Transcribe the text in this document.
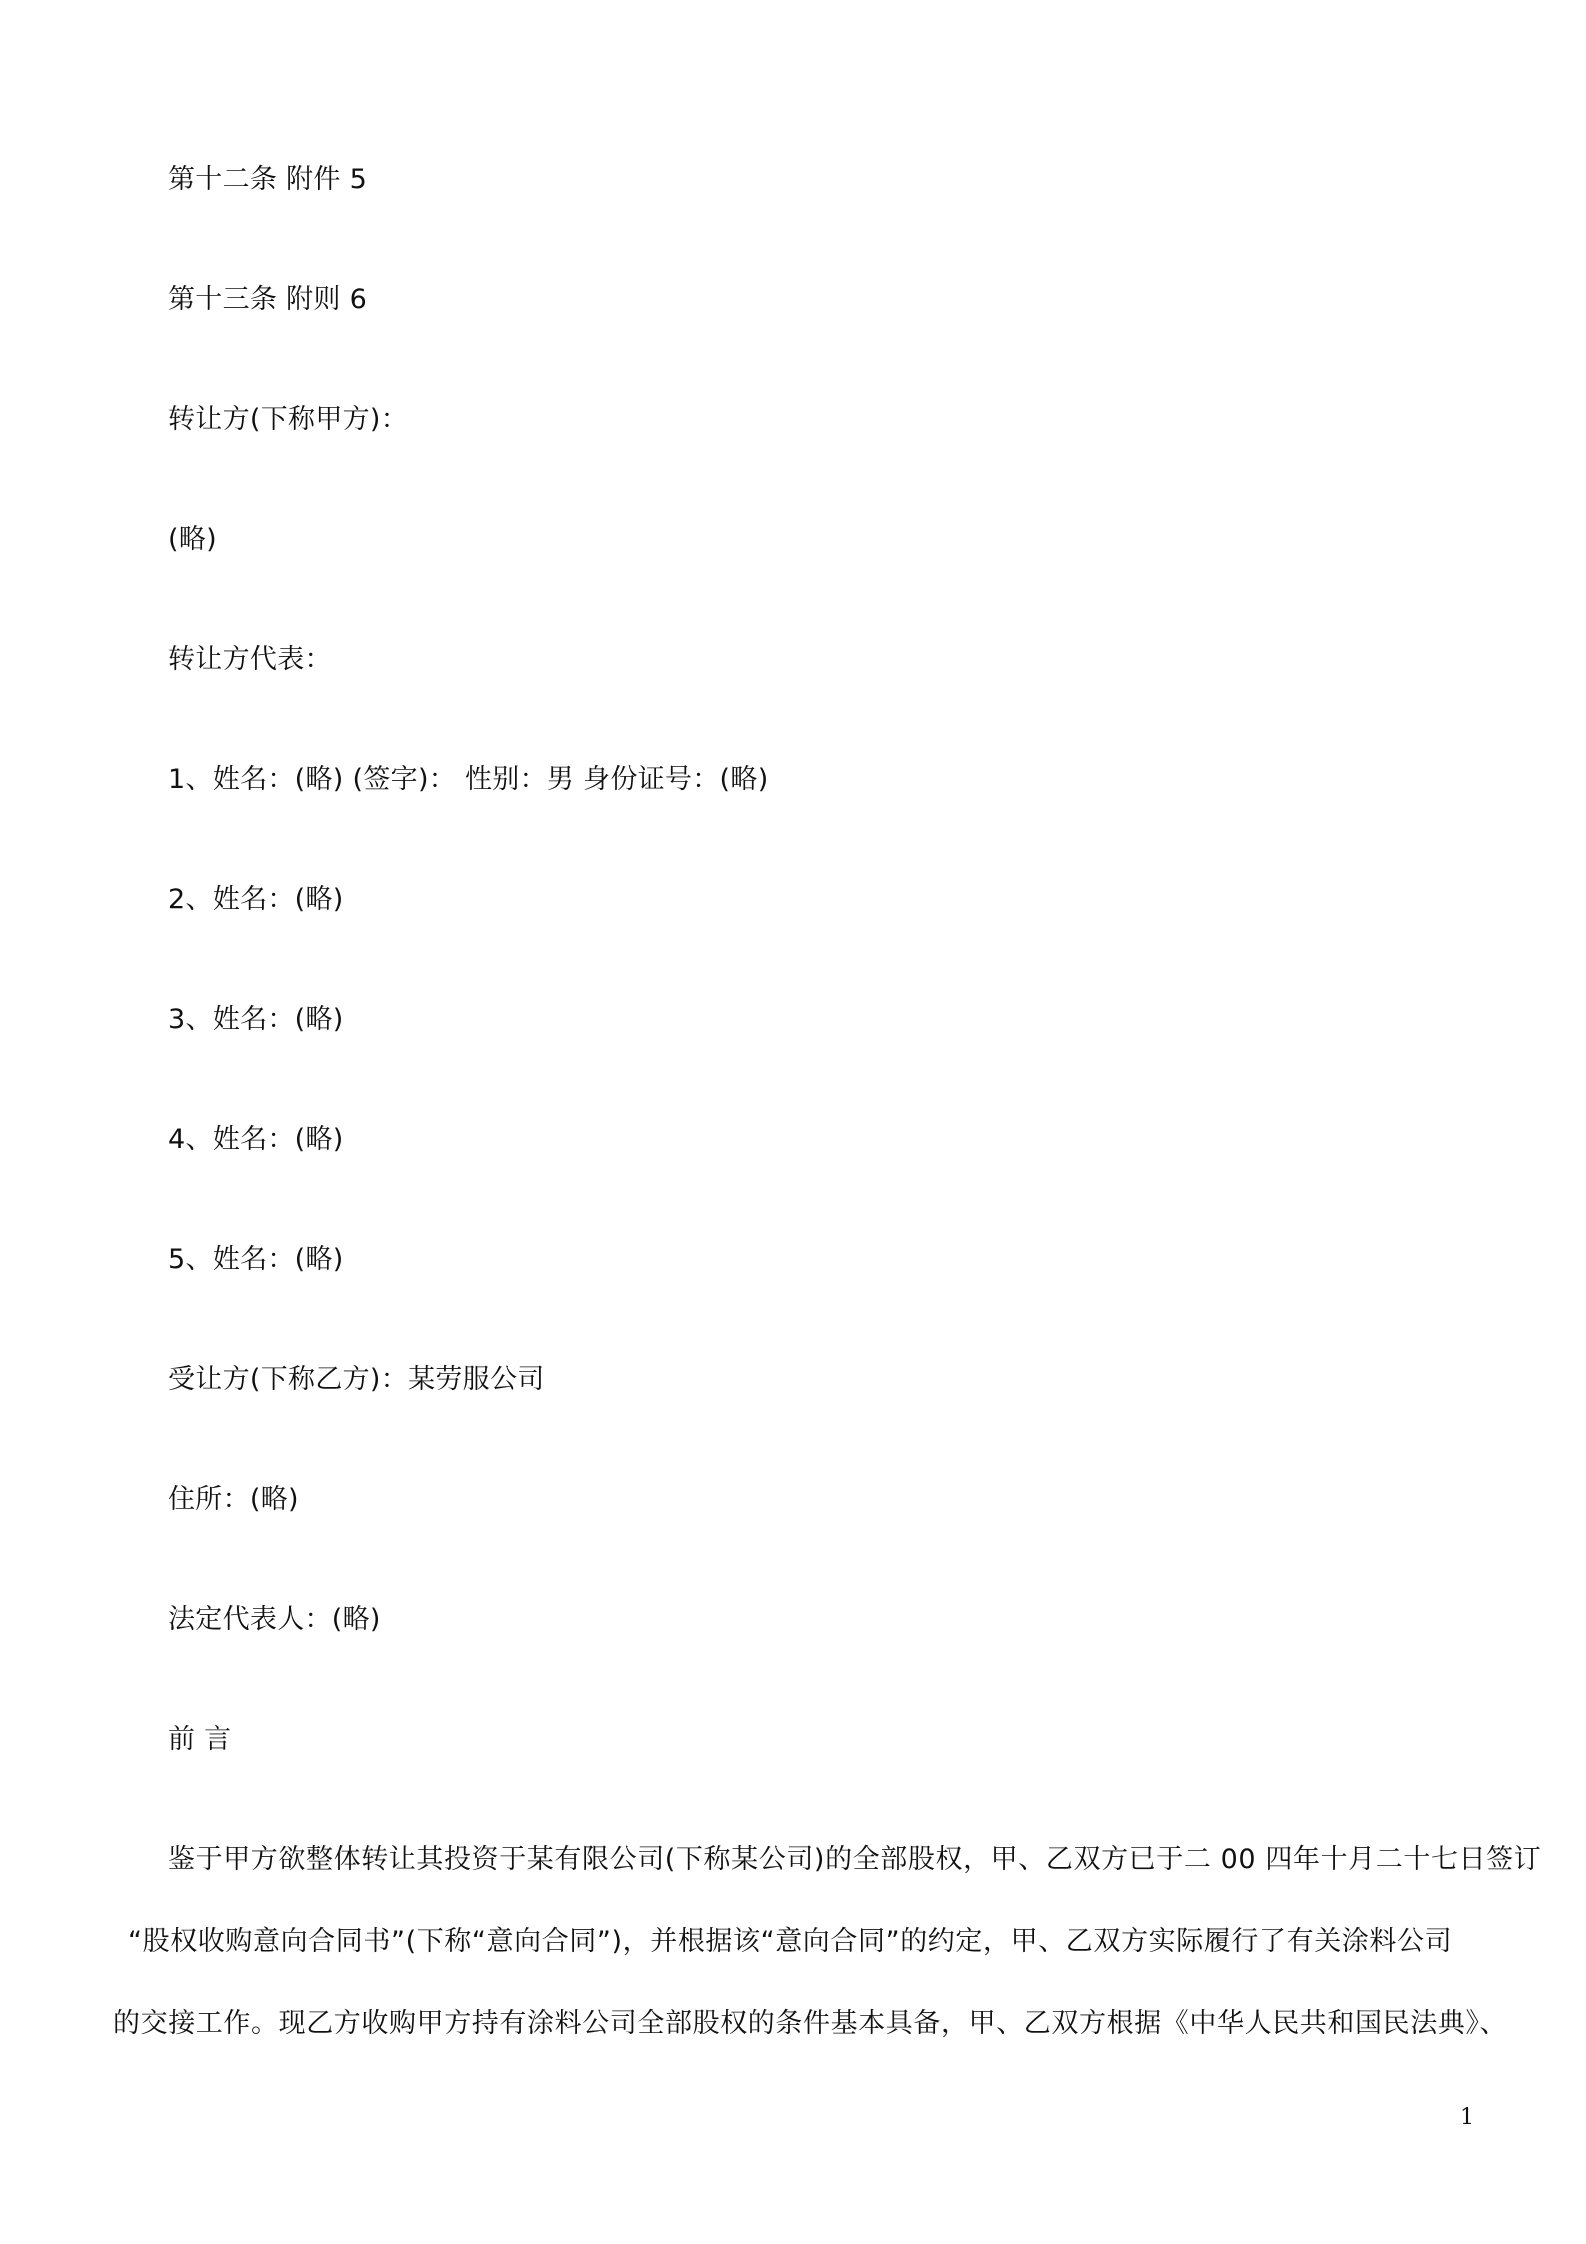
第十二条 附件 5
第十三条 附则 6
转让方(下称甲方)：
(略)
转让方代表：
1、姓名：(略) (签字)： 性别：男 身份证号：(略)
2、姓名：(略)
3、姓名：(略)
4、姓名：(略)
5、姓名：(略)
受让方(下称乙方)：某劳服公司
住所：(略)
法定代表人：(略)
前 言
鉴于甲方欲整体转让其投资于某有限公司(下称某公司)的全部股权，甲、乙双方已于二 00 四年十月二十七日签订
“股权收购意向合同书”(下称“意向合同”)，并根据该“意向合同”的约定，甲、乙双方实际履行了有关涂料公司
的交接工作。现乙方收购甲方持有涂料公司全部股权的条件基本具备，甲、乙双方根据《中华人民共和国民法典》、
1
